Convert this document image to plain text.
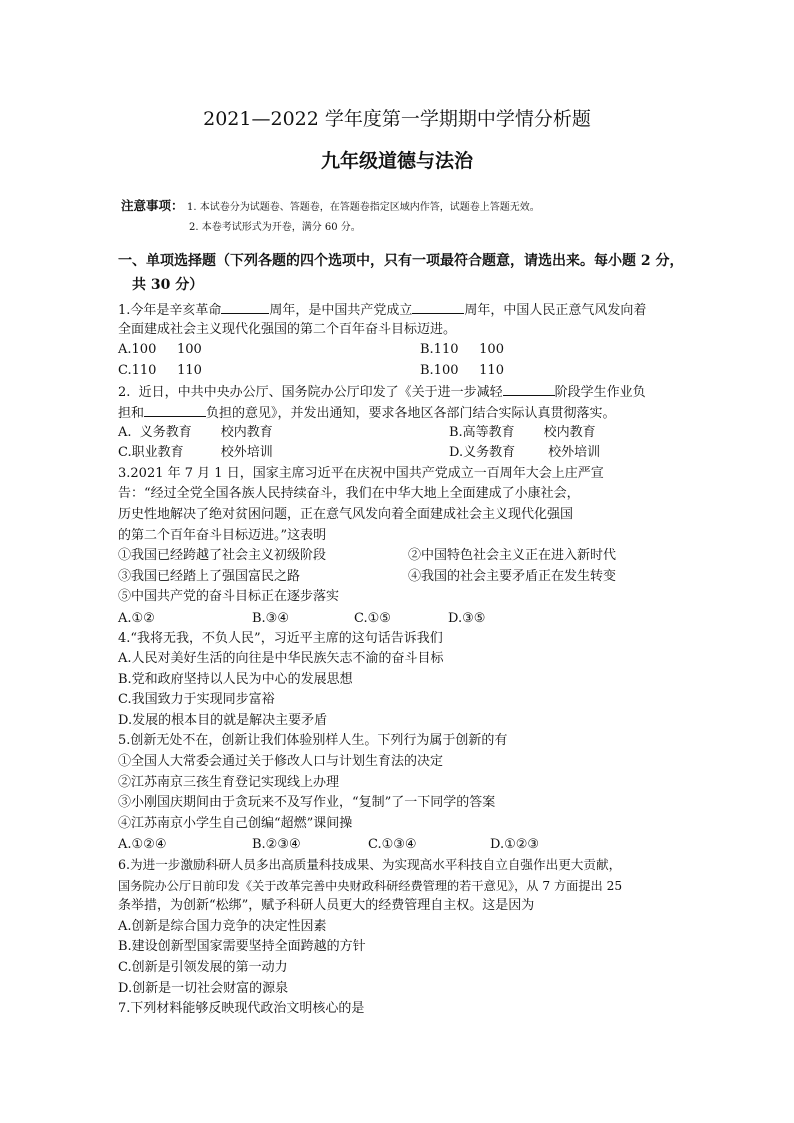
2021—2022 学年度第一学期期中学情分析题
九年级道德与法治
注意事项： 1. 本试卷分为试题卷、答题卷，在答题卷指定区域内作答，试题卷上答题无效。
2. 本卷考试形式为开卷，满分 60 分。
一、单项选择题（下列各题的四个选项中，只有一项最符合题意，请选出来。每小题 2 分，
共 30 分）
1.今年是辛亥革命	周年，是中国共产党成立	周年，中国人民正意气风发向着
全面建成社会主义现代化强国的第二个百年奋斗目标迈进。
A.100     100	B.110     100
C.110     110	B.100     110
2.  近日，中共中央办公厅、国务院办公厅印发了《关于进一步减轻	阶段学生作业负
担和	负担的意见》，并发出通知，要求各地区各部门结合实际认真贯彻落实。
A.  义务教育       校内教育	B.高等教育       校内教育
C.职业教育         校外培训	D.义务教育        校外培训
3.2021 年 7 月 1 日，国家主席习近平在庆祝中国共产党成立一百周年大会上庄严宣
告：“经过全党全国各族人民持续奋斗，我们在中华大地上全面建成了小康社会，
历史性地解决了绝对贫困问题，正在意气风发向着全面建成社会主义现代化强国
的第二个百年奋斗目标迈进。”这表明
①我国已经跨越了社会主义初级阶段	②中国特色社会主义正在进入新时代
③我国已经踏上了强国富民之路	④我国的社会主要矛盾正在发生转变
⑤中国共产党的奋斗目标正在逐步落实
A.①②	B.③④	C.①⑤	D.③⑤
4.“我将无我，不负人民”，习近平主席的这句话告诉我们
A.人民对美好生活的向往是中华民族矢志不渝的奋斗目标
B.党和政府坚持以人民为中心的发展思想
C.我国致力于实现同步富裕
D.发展的根本目的就是解决主要矛盾
5.创新无处不在，创新让我们体验别样人生。下列行为属于创新的有
①全国人大常委会通过关于修改人口与计划生育法的决定
②江苏南京三孩生育登记实现线上办理
③小刚国庆期间由于贪玩来不及写作业，“复制”了一下同学的答案
④江苏南京小学生自己创编“超燃”课间操
A.①②④	B.②③④	C.①③④	D.①②③
6.为进一步激励科研人员多出高质量科技成果、为实现高水平科技自立自强作出更大贡献，
国务院办公厅日前印发《关于改革完善中央财政科研经费管理的若干意见》，从 7 方面提出 25
条举措，为创新“松绑”，赋予科研人员更大的经费管理自主权。这是因为
A.创新是综合国力竞争的决定性因素
B.建设创新型国家需要坚持全面跨越的方针
C.创新是引领发展的第一动力
D.创新是一切社会财富的源泉
7.下列材料能够反映现代政治文明核心的是
